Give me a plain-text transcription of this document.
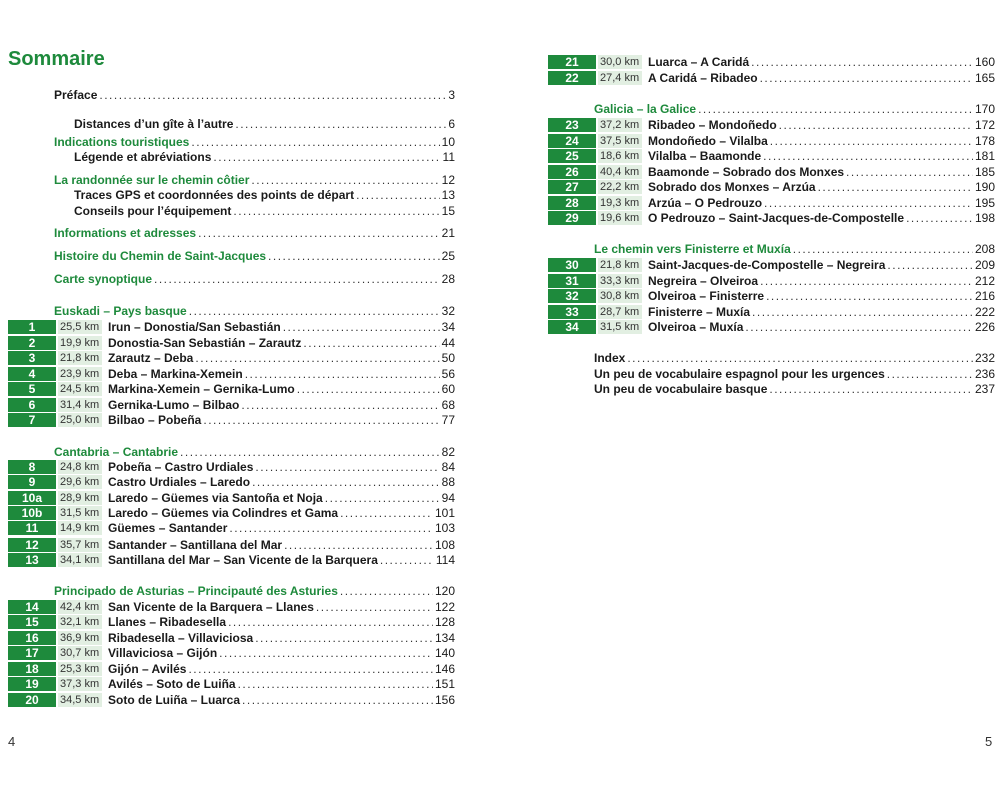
Sommaire
Préface .....	3
Distances d’un gîte à l’autre .....	6
Indications touristiques .....	10
Légende et abréviations .....	11
La randonnée sur le chemin côtier .....	12
Traces GPS et coordonnées des points de départ .....	13
Conseils pour l’équipement .....	15
Informations et adresses .....	21
Histoire du Chemin de Saint-Jacques .....	25
Carte synoptique .....	28
Euskadi – Pays basque .....	32
1	25,5 km Irun – Donostia/San Sebastián .....	34
2	19,9 km Donostia-San Sebastián – Zarautz .....	44
3	21,8 km Zarautz – Deba .....	50
4	23,9 km Deba – Markina-Xemein .....	56
5	24,5 km Markina-Xemein – Gernika-Lumo .....	60
6	31,4 km Gernika-Lumo – Bilbao .....	68
7	25,0 km Bilbao – Pobeña .....	77
Cantabria – Cantabrie .....	82
8	24,8 km Pobeña – Castro Urdiales .....	84
9	29,6 km Castro Urdiales – Laredo .....	88
10a	28,9 km Laredo – Güemes via Santoña et Noja .....	94
10b	31,5 km Laredo – Güemes via Colindres et Gama .....	101
11	14,9 km Güemes – Santander .....	103
12	35,7 km Santander – Santillana del Mar .....	108
13	34,1 km Santillana del Mar – San Vicente de la Barquera .....	114
Principado de Asturias – Principauté des Asturies .....	120
14	42,4 km San Vicente de la Barquera – Llanes .....	122
15	32,1 km Llanes – Ribadesella .....	128
16	36,9 km Ribadesella – Villaviciosa .....	134
17	30,7 km Villaviciosa – Gijón .....	140
18	25,3 km Gijón – Avilés .....	146
19	37,3 km Avilés – Soto de Luiña .....	151
20	34,5 km Soto de Luiña – Luarca .....	156
21	30,0 km Luarca – A Caridá .....	160
22	27,4 km A Caridá – Ribadeo .....	165
Galicia – la Galice .....	170
23	37,2 km Ribadeo – Mondoñedo .....	172
24	37,5 km Mondoñedo – Vilalba .....	178
25	18,6 km Vilalba – Baamonde .....	181
26	40,4 km Baamonde – Sobrado dos Monxes .....	185
27	22,2 km Sobrado dos Monxes – Arzúa .....	190
28	19,3 km Arzúa – O Pedrouzo .....	195
29	19,6 km O Pedrouzo – Saint-Jacques-de-Compostelle .....	198
Le chemin vers Finisterre et Muxía .....	208
30	21,8 km Saint-Jacques-de-Compostelle – Negreira .....	209
31	33,3 km Negreira – Olveiroa .....	212
32	30,8 km Olveiroa – Finisterre .....	216
33	28,7 km Finisterre – Muxía .....	222
34	31,5 km Olveiroa – Muxía .....	226
Index .....	232
Un peu de vocabulaire espagnol pour les urgences .....	236
Un peu de vocabulaire basque .....	237
4	5
